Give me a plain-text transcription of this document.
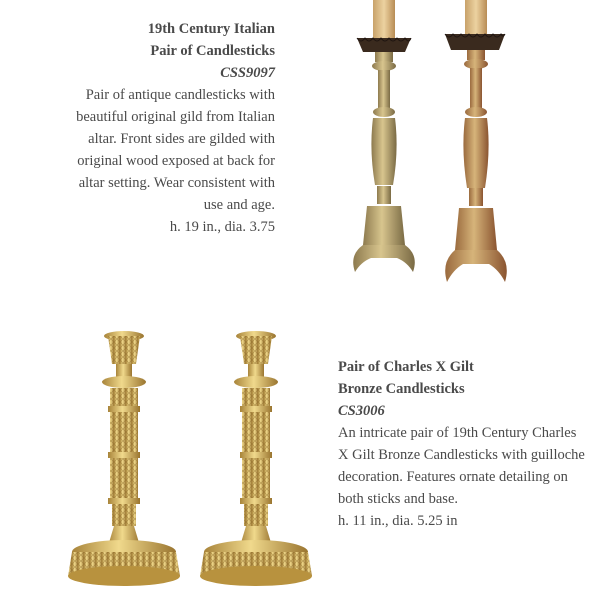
19th Century Italian
Pair of Candlesticks
CSS9097
Pair of antique candlesticks with beautiful original gild from Italian altar. Front sides are gilded with original wood exposed at back for altar setting. Wear consistent with use and age.
h. 19 in., dia. 3.75
Pair of Charles X Gilt
Bronze Candlesticks
CS3006
An intricate pair of 19th Century Charles X Gilt Bronze Candlesticks with guilloche decoration. Features ornate detailing on both sticks and base.
h. 11 in., dia. 5.25 in
